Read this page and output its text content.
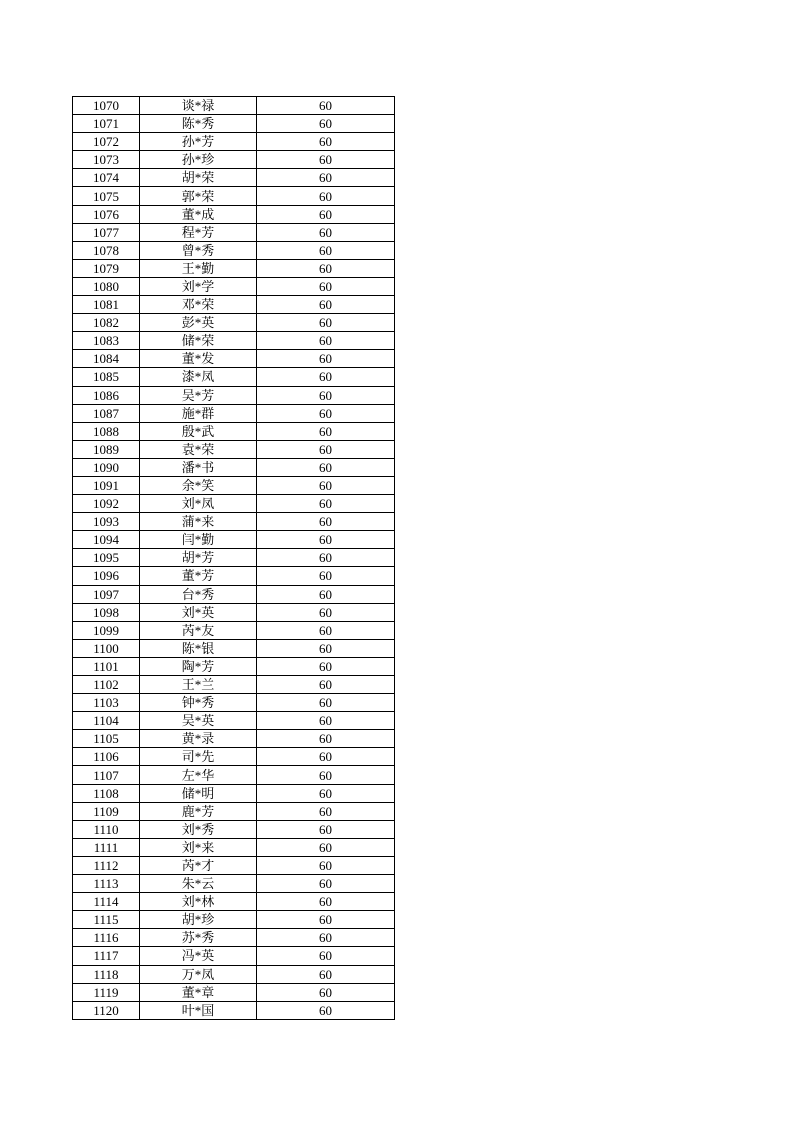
1070	谈*禄	60
1071	陈*秀	60
1072	孙*芳	60
1073	孙*珍	60
1074	胡*荣	60
1075	郭*荣	60
1076	董*成	60
1077	程*芳	60
1078	曾*秀	60
1079	王*勤	60
1080	刘*学	60
1081	邓*荣	60
1082	彭*英	60
1083	储*荣	60
1084	董*发	60
1085	漆*凤	60
1086	吴*芳	60
1087	施*群	60
1088	殷*武	60
1089	袁*荣	60
1090	潘*书	60
1091	余*笑	60
1092	刘*凤	60
1093	蒲*来	60
1094	闫*勤	60
1095	胡*芳	60
1096	董*芳	60
1097	台*秀	60
1098	刘*英	60
1099	芮*友	60
1100	陈*银	60
1101	陶*芳	60
1102	王*兰	60
1103	钟*秀	60
1104	吴*英	60
1105	黄*录	60
1106	司*先	60
1107	左*华	60
1108	储*明	60
1109	鹿*芳	60
1110	刘*秀	60
1111	刘*来	60
1112	芮*才	60
1113	朱*云	60
1114	刘*林	60
1115	胡*珍	60
1116	苏*秀	60
1117	冯*英	60
1118	万*凤	60
1119	董*章	60
1120	叶*国	60
